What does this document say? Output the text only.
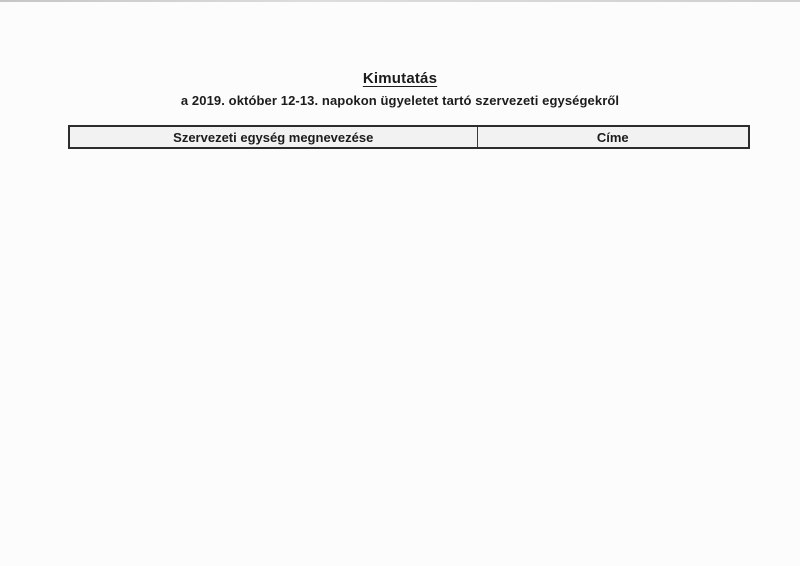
Kimutatás
a 2019. október 12-13. napokon ügyeletet tartó szervezeti egységekről
Szervezeti egység megnevezése	Címe
